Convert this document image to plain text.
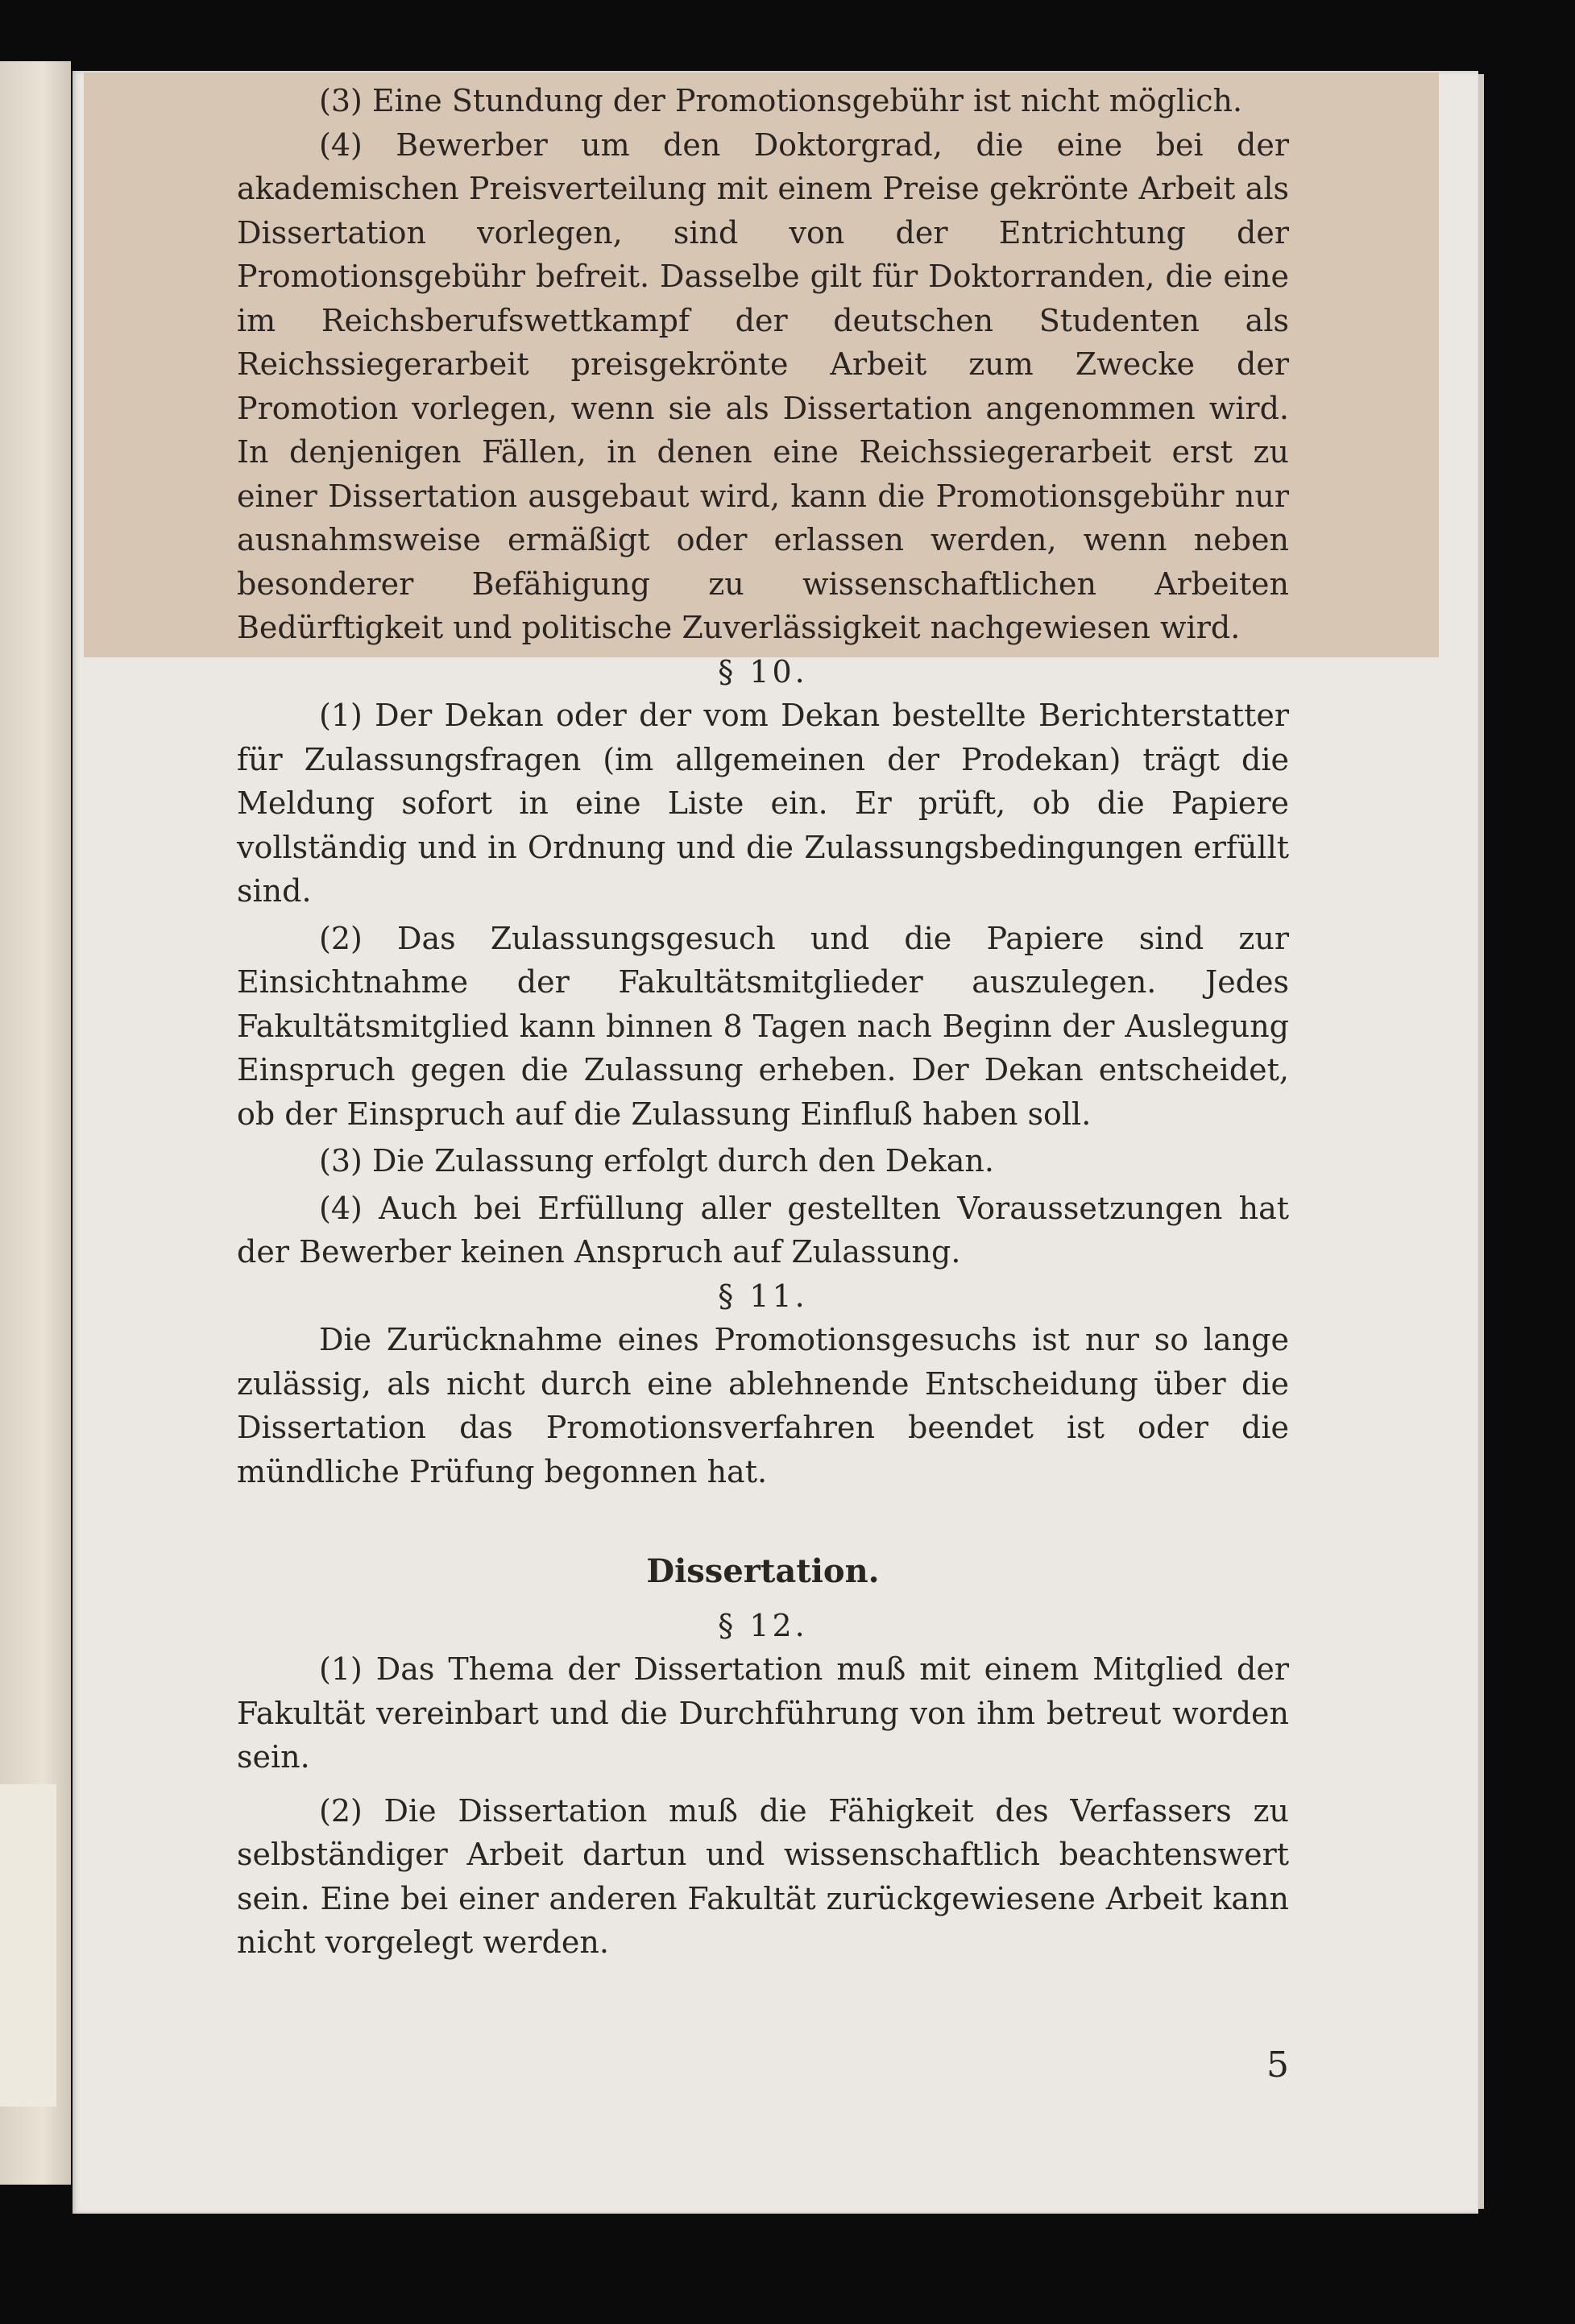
(3) Eine Stundung der Promotionsgebühr ist nicht möglich.

(4) Bewerber um den Doktorgrad, die eine bei der akademischen Preisverteilung mit einem Preise gekrönte Arbeit als Dissertation vorlegen, sind von der Entrichtung der Promotionsgebühr befreit. Dasselbe gilt für Doktorranden, die eine im Reichsberufswettkampf der deutschen Studenten als Reichssiegerarbeit preisgekrönte Arbeit zum Zwecke der Promotion vorlegen, wenn sie als Dissertation angenommen wird. In denjenigen Fällen, in denen eine Reichssiegerarbeit erst zu einer Dissertation ausgebaut wird, kann die Promotionsgebühr nur ausnahmsweise ermäßigt oder erlassen werden, wenn neben besonderer Befähigung zu wissenschaftlichen Arbeiten Bedürftigkeit und politische Zuverlässigkeit nachgewiesen wird.

§ 10.

(1) Der Dekan oder der vom Dekan bestellte Berichterstatter für Zulassungsfragen (im allgemeinen der Prodekan) trägt die Meldung sofort in eine Liste ein. Er prüft, ob die Papiere vollständig und in Ordnung und die Zulassungsbedingungen erfüllt sind.

(2) Das Zulassungsgesuch und die Papiere sind zur Einsichtnahme der Fakultätsmitglieder auszulegen. Jedes Fakultätsmitglied kann binnen 8 Tagen nach Beginn der Auslegung Einspruch gegen die Zulassung erheben. Der Dekan entscheidet, ob der Einspruch auf die Zulassung Einfluß haben soll.

(3) Die Zulassung erfolgt durch den Dekan.

(4) Auch bei Erfüllung aller gestellten Voraussetzungen hat der Bewerber keinen Anspruch auf Zulassung.

§ 11.

Die Zurücknahme eines Promotionsgesuchs ist nur so lange zulässig, als nicht durch eine ablehnende Entscheidung über die Dissertation das Promotionsverfahren beendet ist oder die mündliche Prüfung begonnen hat.

Dissertation.

§ 12.

(1) Das Thema der Dissertation muß mit einem Mitglied der Fakultät vereinbart und die Durchführung von ihm betreut worden sein.

(2) Die Dissertation muß die Fähigkeit des Verfassers zu selbständiger Arbeit dartun und wissenschaftlich beachtenswert sein. Eine bei einer anderen Fakultät zurückgewiesene Arbeit kann nicht vorgelegt werden.

5
